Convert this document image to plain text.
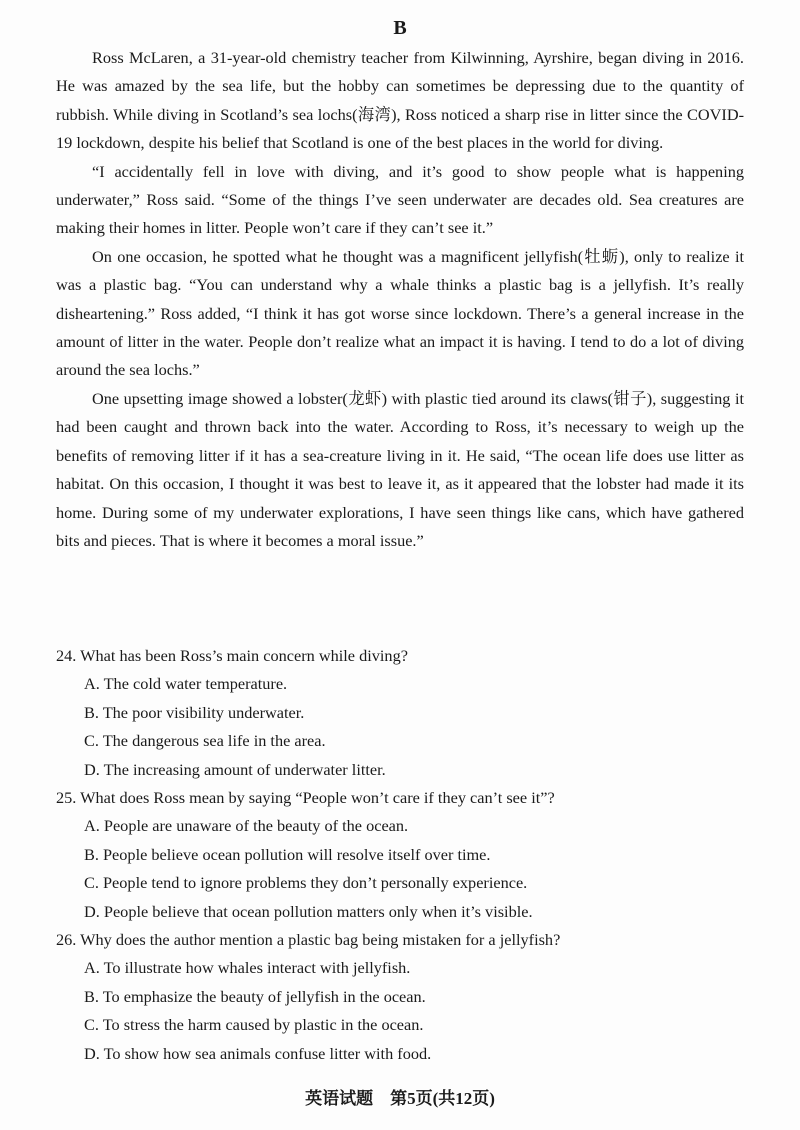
B

Ross McLaren, a 31-year-old chemistry teacher from Kilwinning, Ayrshire, began diving in 2016. He was amazed by the sea life, but the hobby can sometimes be depressing due to the quantity of rubbish. While diving in Scotland’s sea lochs(海湾), Ross noticed a sharp rise in litter since the COVID-19 lockdown, despite his belief that Scotland is one of the best places in the world for diving.

“I accidentally fell in love with diving, and it’s good to show people what is happening underwater,” Ross said. “Some of the things I’ve seen underwater are decades old. Sea creatures are making their homes in litter. People won’t care if they can’t see it.”

On one occasion, he spotted what he thought was a magnificent jellyfish(牡蛎), only to realize it was a plastic bag. “You can understand why a whale thinks a plastic bag is a jellyfish. It’s really disheartening.” Ross added, “I think it has got worse since lockdown. There’s a general increase in the amount of litter in the water. People don’t realize what an impact it is having. I tend to do a lot of diving around the sea lochs.”

One upsetting image showed a lobster(龙虾) with plastic tied around its claws(钳子), suggesting it had been caught and thrown back into the water. According to Ross, it’s necessary to weigh up the benefits of removing litter if it has a sea-creature living in it. He said, “The ocean life does use litter as habitat. On this occasion, I thought it was best to leave it, as it appeared that the lobster had made it its home. During some of my underwater explorations, I have seen things like cans, which have gathered bits and pieces. That is where it becomes a moral issue.”

24. What has been Ross’s main concern while diving?

A. The cold water temperature.

B. The poor visibility underwater.

C. The dangerous sea life in the area.

D. The increasing amount of underwater litter.

25. What does Ross mean by saying “People won’t care if they can’t see it”?

A. People are unaware of the beauty of the ocean.

B. People believe ocean pollution will resolve itself over time.

C. People tend to ignore problems they don’t personally experience.

D. People believe that ocean pollution matters only when it’s visible.

26. Why does the author mention a plastic bag being mistaken for a jellyfish?

A. To illustrate how whales interact with jellyfish.

B. To emphasize the beauty of jellyfish in the ocean.

C. To stress the harm caused by plastic in the ocean.

D. To show how sea animals confuse litter with food.

英语试题　第5页(共12页)
